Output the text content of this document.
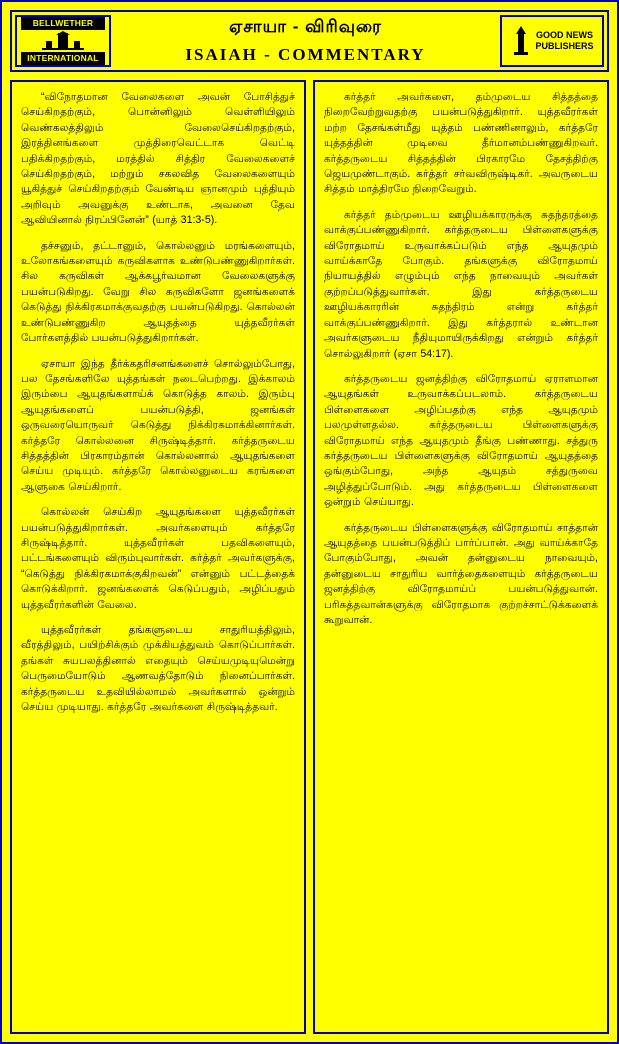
BELLWETHER
INTERNATIONAL
ஏசாயா - விரிவுரை
ISAIAH - COMMENTARY
GOOD NEWS
PUBLISHERS

“விநோதமான வேலைகளை அவன் போசித்துச் செய்கிறதற்கும், பொன்னிலும் வெள்ளியிலும் வெண்கலத்திலும் வேலைசெய்கிறதற்கும், இரத்தினங்களை முத்திரைவெட்டாக வெட்டி பதிக்கிறதற்கும், மரத்தில் சித்திர வேலைகளைச் செய்கிறதற்கும், மற்றும் சகலவித வேலைகளையும் யூகித்துச் செய்கிறதற்கும் வேண்டிய ஞானமும் புத்தியும் அறிவும் அவனுக்கு உண்டாக, அவனை தேவ ஆவியினால் நிரப்பினேன்” (யாத் 31:3-5).

தச்சனும், தட்டானும், கொல்லனும் மரங்களையும், உலோகங்களையும் கருவிகளாக உண்டுபண்ணுகிறார்கள். சில கருவிகள் ஆக்கபூர்வமான வேலைகளுக்கு பயன்படுகிறது. வேறு சில கருவிகளோ ஜனங்களைக் கெடுத்து நிக்கிரகமாக்குவதற்கு பயன்படுகிறது. கொல்லன் உண்டுபண்ணுகிற ஆயுதத்தை யுத்தவீரர்கள் போர்களத்தில் பயன்படுத்துகிறார்கள்.

ஏசாயா இந்த தீர்க்கதரிசனங்களைச் சொல்லும்போது, பல தேசங்களிலே யுத்தங்கள் நடைபெற்றது. இக்காலம் இரும்பை ஆயுதங்களாய்க் கொடுத்த காலம். இரும்பு ஆயுதங்களைப் பயன்படுத்தி, ஜனங்கள் ஒருவரையொருவர் கெடுத்து நிக்கிரகமாக்கினார்கள். கர்த்தரே கொல்லனை சிருஷ்டித்தார். கர்த்தருடைய சித்தத்தின் பிரகாரம்தான் கொல்லனால் ஆயுதங்களை செய்ய முடியும். கர்த்தரே கொல்லனுடைய கரங்களை ஆளுகை செய்கிறார்.

கொல்லன் செய்கிற ஆயுதங்களை யுத்தவீரர்கள் பயன்படுத்துகிறார்கள். அவர்களையும் கர்த்தரே சிருஷ்டித்தார். யுத்தவீரர்கள் பதவிகளையும், பட்டங்களையும் விரும்புவார்கள். கர்த்தர் அவர்களுக்கு, “கெடுத்து நிக்கிரகமாக்குகிறவன்” என்னும் பட்டத்தைக் கொடுக்கிறார். ஜனங்களைக் கெடுப்பதும், அழிப்பதும் யுத்தவீரர்களின் வேலை.

யுத்தவீரர்கள் தங்களுடைய சாதுரியத்திலும், வீரத்திலும், பயிற்சிக்கும் முக்கியத்துவம் கொடுப்பார்கள். தங்கள் சுயபலத்தினால் எதையும் செய்யமுடியுமென்று பெருமையோடும் ஆணவத்தோடும் நினைப்பார்கள். கர்த்தருடைய உதவியில்லாமல் அவர்களால் ஒன்றும் செய்ய முடியாது. கர்த்தரே அவர்களை சிருஷ்டித்தவர்.

கர்த்தர் அவர்களை, தம்முடைய சித்தத்தை நிறைவேற்றுவதற்கு பயன்படுத்துகிறார். யுத்தவீரர்கள் மற்ற தேசங்கள்மீது யுத்தம் பண்ணினாலும், கர்த்தரே யுத்தத்தின் முடிவை தீர்மானம்பண்ணுகிறவர். கர்த்தருடைய சித்தத்தின் பிரகாரமே தேசத்திற்கு ஜெயமுண்டாகும். கர்த்தர் சர்வவிருஷ்டிகர். அவருடைய சித்தம் மாத்திரமே நிறைவேறும்.

கர்த்தர் தம்முடைய ஊழியக்காரருக்கு சுதந்தரத்தை வாக்குப்பண்ணுகிறார். கர்த்தருடைய பிள்ளைகளுக்கு விரோதமாய் உருவாக்கப்படும் எந்த ஆயுதமும் வாய்க்காதே போகும். தங்களுக்கு விரோதமாய் நியாயத்தில் எழும்பும் எந்த நாவையும் அவர்கள் குற்றப்படுத்துவார்கள். இது கர்த்தருடைய ஊழியக்காரரின் சுதந்திரம் என்று கர்த்தர் வாக்குப்பண்ணுகிறார். இது கர்த்தரால் உண்டான அவர்களுடைய நீதியுமாயிருக்கிறது என்றும் கர்த்தர் சொல்லுகிறார் (ஏசா 54:17).

கர்த்தருடைய ஜனத்திற்கு விரோதமாய் ஏராளமான ஆயுதங்கள் உருவாக்கப்படலாம். கர்த்தருடைய பிள்ளைகளை அழிப்பதற்கு எந்த ஆயுதமும் பலமுள்ளதல்ல. கர்த்தருடைய பிள்ளைகளுக்கு விரோதமாய் எந்த ஆயுதமும் தீங்கு பண்ணாது. சத்துரு கர்த்தருடைய பிள்ளைகளுக்கு விரோதமாய் ஆயுதத்தை ஒங்கும்போது, அந்த ஆயுதம் சத்துருவை அழித்துப்போடும். அது கர்த்தருடைய பிள்ளைகளை ஒன்றும் செய்யாது.

கர்த்தருடைய பிள்ளைகளுக்கு விரோதமாய் சாத்தான் ஆயுதத்தை பயன்படுத்திப் பார்ப்பான். அது வாய்க்காதே போகும்போது, அவன் தன்னுடைய நாவையும், தன்னுடைய சாதுரிய வார்த்தைகளையும் கர்த்தருடைய ஜனத்திற்கு விரோதமாய்ப் பயன்படுத்துவான். பரிசுத்தவான்களுக்கு விரோதமாக குற்றச்சாட்டுக்களைக் கூறுவான்.
